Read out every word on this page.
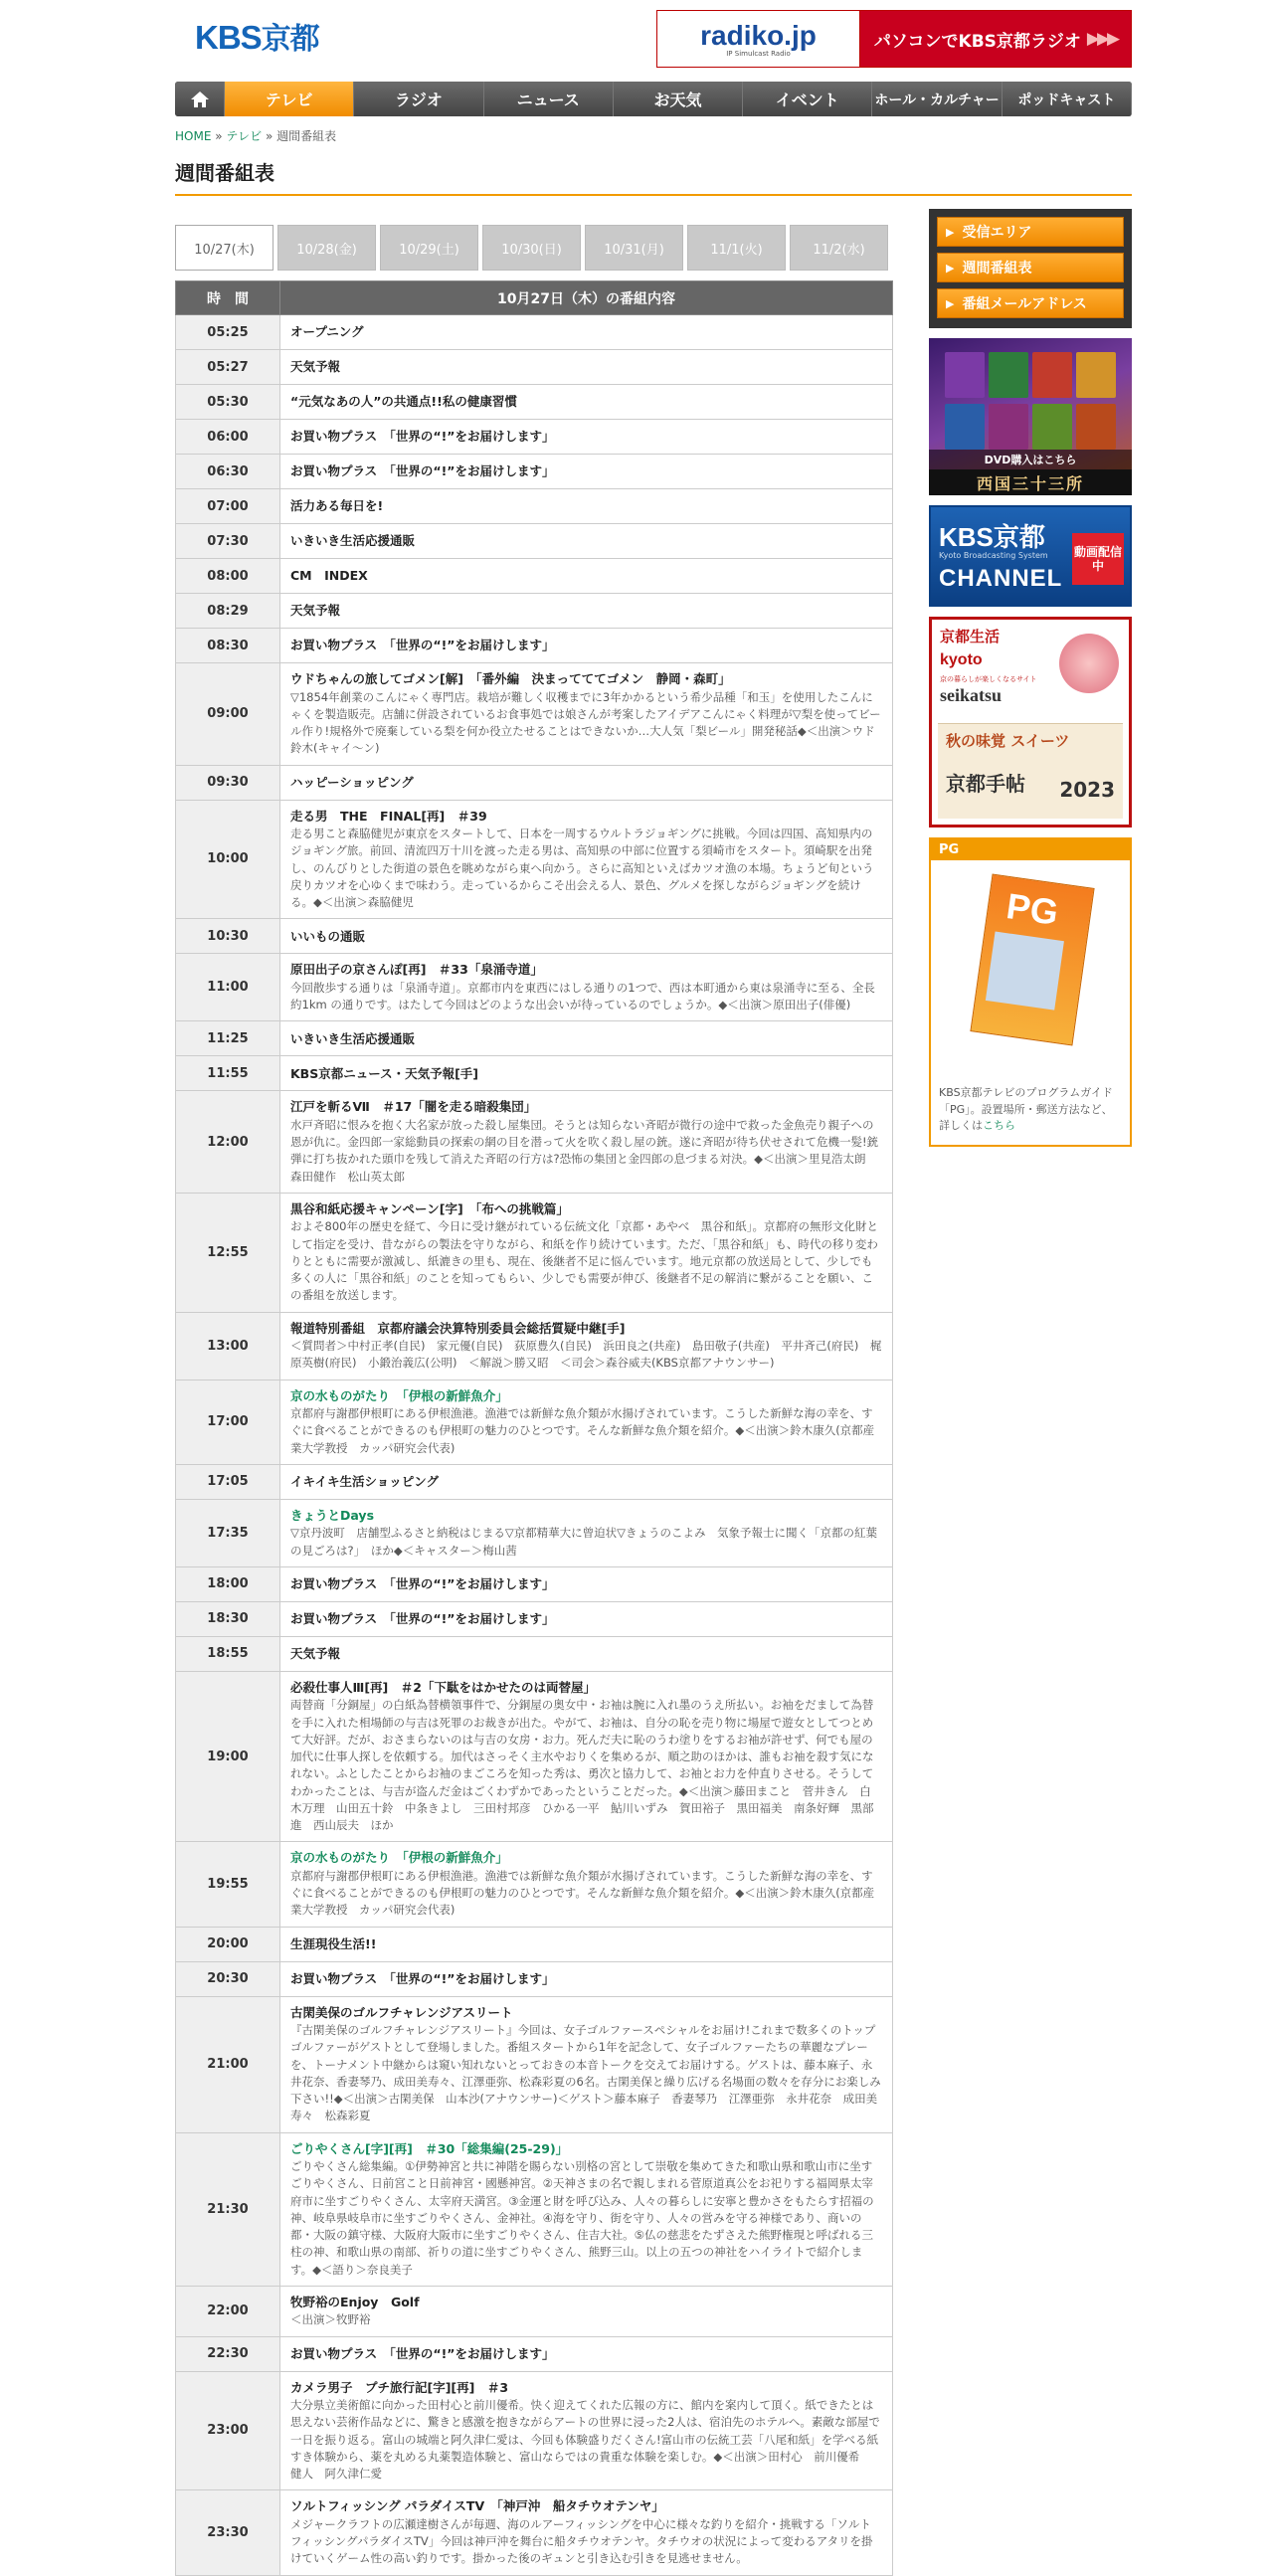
KBS京都	radiko.jp
IP Simulcast Radio
パソコンでKBS京都ラジオ ▶▶▶
テレビ	ラジオ	ニュース	お天気	イベント	ホール・カルチャー	ポッドキャスト
HOME » テレビ » 週間番組表
週間番組表
10/27(木)	10/28(金)	10/29(土)	10/30(日)	10/31(月)	11/1(火)	11/2(水)
時　間	10月27日（木）の番組内容
05:25	オープニング

05:27	天気予報

05:30	“元気なあの人”の共通点!!私の健康習慣

06:00	お買い物プラス　「世界の“!”をお届けします」

06:30	お買い物プラス　「世界の“!”をお届けします」

07:00	活力ある毎日を!

07:30	いきいき生活応援通販

08:00	CM　INDEX

08:29	天気予報

08:30	お買い物プラス　「世界の“!”をお届けします」

09:00	ウドちゃんの旅してゴメン[解]　「番外編　決まってててゴメン　静岡・森町」
▽1854年創業のこんにゃく専門店。栽培が難しく収穫までに3年かかるという希少品種「和玉」を使用したこんにゃくを製造販売。店舗に併設されているお食事処では娘さんが考案したアイデアこんにゃく料理が▽梨を使ってビール作り!規格外で廃棄している梨を何か役立たせることはできないか…大人気「梨ビール」開発秘話◆＜出演＞ウド鈴木(キャイ～ン)

09:30	ハッピーショッピング

10:00	走る男　THE　FINAL[再]　＃39
走る男こと森脇健児が東京をスタートして、日本を一周するウルトラジョギングに挑戦。今回は四国、高知県内のジョギング旅。前回、清流四万十川を渡った走る男は、高知県の中部に位置する須崎市をスタート。須崎駅を出発し、のんびりとした街道の景色を眺めながら東へ向かう。さらに高知といえばカツオ漁の本場。ちょうど旬という戻りカツオを心ゆくまで味わう。走っているからこそ出会える人、景色、グルメを探しながらジョギングを続ける。◆＜出演＞森脇健児

10:30	いいもの通販

11:00	原田出子の京さんぽ[再]　＃33「泉涌寺道」
今回散歩する通りは「泉涌寺道」。京都市内を東西にはしる通りの1つで、西は本町通から東は泉涌寺に至る、全長約1km の通りです。はたして今回はどのような出会いが待っているのでしょうか。◆＜出演＞原田出子(俳優)

11:25	いきいき生活応援通販

11:55	KBS京都ニュース・天気予報[手]

12:00	江戸を斬るⅦ　＃17「闇を走る暗殺集団」
水戸斉昭に恨みを抱く大名家が放った殺し屋集団。そうとは知らない斉昭が微行の途中で救った金魚売り親子への恩が仇に。金四郎一家総動員の探索の網の目を潜って火を吹く殺し屋の銃。遂に斉昭が待ち伏せされて危機一髪!銃弾に打ち抜かれた頭巾を残して消えた斉昭の行方は?恐怖の集団と金四郎の息づまる対決。◆＜出演＞里見浩太朗　森田健作　松山英太郎

12:55	黒谷和紙応援キャンペーン[字]　「布への挑戦篇」
およそ800年の歴史を経て、今日に受け継がれている伝統文化「京都・あやべ　黒谷和紙」。京都府の無形文化財として指定を受け、昔ながらの製法を守りながら、和紙を作り続けています。ただ、「黒谷和紙」も、時代の移り変わりとともに需要が激減し、紙漉きの里も、現在、後継者不足に悩んでいます。地元京都の放送局として、少しでも多くの人に「黒谷和紙」のことを知ってもらい、少しでも需要が伸び、後継者不足の解消に繋がることを願い、この番組を放送します。

13:00	報道特別番組　京都府議会決算特別委員会総括質疑中継[手]
＜質問者＞中村正孝(自民)　家元優(自民)　荻原豊久(自民)　浜田良之(共産)　島田敬子(共産)　平井斉己(府民)　梶原英樹(府民)　小鍛治義広(公明)　＜解説＞勝又昭　＜司会＞森谷威夫(KBS京都アナウンサー)

17:00	京の水ものがたり　「伊根の新鮮魚介」
京都府与謝郡伊根町にある伊根漁港。漁港では新鮮な魚介類が水揚げされています。こうした新鮮な海の幸を、すぐに食べることができるのも伊根町の魅力のひとつです。そんな新鮮な魚介類を紹介。◆＜出演＞鈴木康久(京都産業大学教授　カッパ研究会代表)

17:05	イキイキ生活ショッピング

17:35	きょうとDays
▽京丹波町　店舗型ふるさと納税はじまる▽京都精華大に曾迫状▽きょうのこよみ　気象予報士に聞く「京都の紅葉の見ごろは?」　ほか◆＜キャスター＞梅山茜

18:00	お買い物プラス　「世界の“!”をお届けします」

18:30	お買い物プラス　「世界の“!”をお届けします」

18:55	天気予報

19:00	必殺仕事人Ⅲ[再]　＃2「下駄をはかせたのは両替屋」
両替商「分銅屋」の白紙為替横領事件で、分銅屋の奥女中・お袖は腕に入れ墨のうえ所払い。お袖をだまして為替を手に入れた相場師の与吉は死罪のお裁きが出た。やがて、お袖は、自分の恥を売り物に場屋で遊女としてつとめて大好評。だが、おさまらないのは与吉の女房・お力。死んだ夫に恥のうわ塗りをするお袖が許せず、何でも屋の加代に仕事人探しを依頼する。加代はさっそく主水やおりくを集めるが、順之助のほかは、誰もお袖を殺す気になれない。ふとしたことからお袖のまごころを知った秀は、勇次と協力して、お袖とお力を仲直りさせる。そうしてわかったことは、与吉が盗んだ金はごくわずかであったということだった。◆＜出演＞藤田まこと　菅井きん　白木万理　山田五十鈴　中条きよし　三田村邦彦　ひかる一平　鮎川いずみ　賀田裕子　黒田福美　南条好輝　黒部進　西山辰夫　ほか

19:55	京の水ものがたり　「伊根の新鮮魚介」
京都府与謝郡伊根町にある伊根漁港。漁港では新鮮な魚介類が水揚げされています。こうした新鮮な海の幸を、すぐに食べることができるのも伊根町の魅力のひとつです。そんな新鮮な魚介類を紹介。◆＜出演＞鈴木康久(京都産業大学教授　カッパ研究会代表)

20:00	生涯現役生活!!

20:30	お買い物プラス　「世界の“!”をお届けします」

21:00	古閑美保のゴルフチャレンジアスリート
『古閑美保のゴルフチャレンジアスリート』今回は、女子ゴルファースペシャルをお届け!これまで数多くのトップゴルファーがゲストとして登場しました。番組スタートから1年を記念して、女子ゴルファーたちの華麗なプレーを、トーナメント中継からは窺い知れないとっておきの本音トークを交えてお届けする。ゲストは、藤本麻子、永井花奈、香妻琴乃、成田美寿々、江澤亜弥、松森彩夏の6名。古閑美保と繰り広げる名場面の数々を存分にお楽しみ下さい!!◆＜出演＞古閑美保　山本沙(アナウンサー)＜ゲスト＞藤本麻子　香妻琴乃　江澤亜弥　永井花奈　成田美寿々　松森彩夏

21:30	ごりやくさん[字][再]　＃30「総集編(25-29)」
ごりやくさん総集編。①伊勢神宮と共に神階を賜らない別格の宮として崇敬を集めてきた和歌山県和歌山市に坐す　ごりやくさん、日前宮こと日前神宮・國懸神宮。②天神さまの名で親しまれる菅原道真公をお祀りする福岡県太宰府市に坐すごりやくさん、太宰府天満宮。③金運と財を呼び込み、人々の暮らしに安寧と豊かさをもたらす招福の神、岐阜県岐阜市に坐すごりやくさん、金神社。④海を守り、街を守り、人々の営みを守る神様であり、商いの都・大阪の鎮守様、大阪府大阪市に坐すごりやくさん、住吉大社。⑤仏の慈悲をたずさえた熊野権現と呼ばれる三柱の神、和歌山県の南部、祈りの道に坐すごりやくさん、熊野三山。以上の五つの神社をハイライトで紹介します。◆＜語り＞奈良美子

22:00	牧野裕のEnjoy　Golf
＜出演＞牧野裕

22:30	お買い物プラス　「世界の“!”をお届けします」

23:00	カメラ男子　プチ旅行記[字][再]　＃3
大分県立美術館に向かった田村心と前川優希。快く迎えてくれた広報の方に、館内を案内して頂く。紙できたとは思えない芸術作品などに、驚きと感激を抱きながらアートの世界に浸った2人は、宿泊先のホテルへ。素敵な部屋で一日を振り返る。富山の城端と阿久津仁愛は、今回も体験盛りだくさん!富山市の伝統工芸「八尾和紙」を学べる紙すき体験から、薬を丸める丸薬製造体験と、富山ならではの貴重な体験を楽しむ。◆＜出演＞田村心　前川優希　健人　阿久津仁愛

23:30	ソルトフィッシング パラダイスTV　「神戸沖　船タチウオテンヤ」
メジャークラフトの広瀬達樹さんが毎週、海のルアーフィッシングを中心に様々な釣りを紹介・挑戦する「ソルトフィッシングパラダイスTV」今回は神戸沖を舞台に船タチウオテンヤ。タチウオの状況によって変わるアタリを掛けていくゲーム性の高い釣りです。掛かった後のギュンと引き込む引きを見逃せません。
▶ 受信エリア
▶ 週間番組表
▶ 番組メールアドレス
DVD購入はこちら
西国三十三所
KBS京都
Kyoto Broadcasting System
CHANNEL
動画配信中
京都生活
kyoto
京の暮らしが楽しくなるサイト
seikatsu
秋の味覚 スイーツ
京都手帖 2023
PG
PG
KBS京都テレビのプログラムガイド「PG」。設置場所・郵送方法など、詳しくはこちら
